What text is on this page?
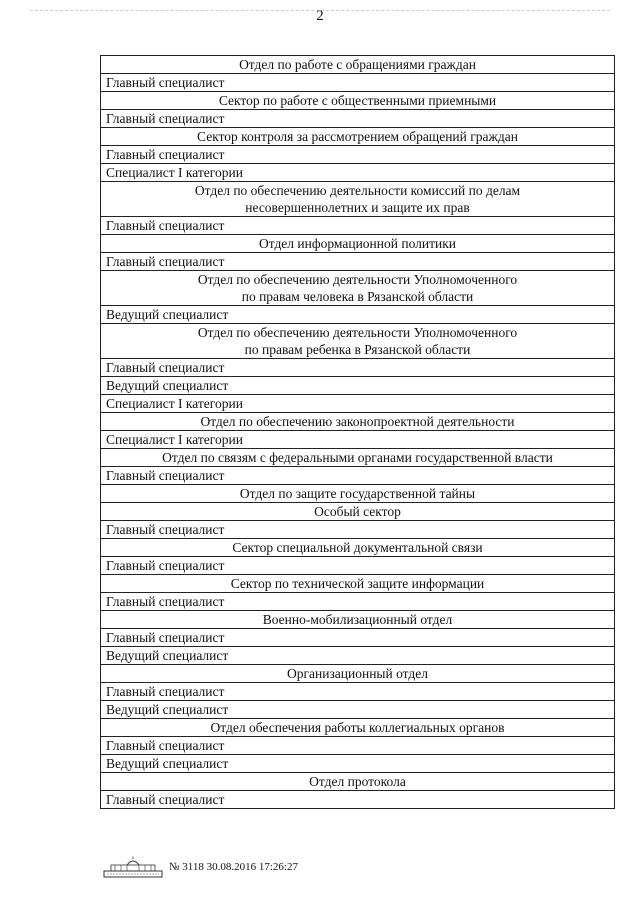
2
Отдел по работе с обращениями граждан
Главный специалист
Сектор по работе с общественными приемными
Главный специалист
Сектор контроля за рассмотрением обращений граждан
Главный специалист
Специалист I категории
Отдел по обеспечению деятельности комиссий по делам
несовершеннолетних и защите их прав
Главный специалист
Отдел информационной политики
Главный специалист
Отдел по обеспечению деятельности Уполномоченного
по правам человека в Рязанской области
Ведущий специалист
Отдел по обеспечению деятельности Уполномоченного
по правам ребенка в Рязанской области
Главный специалист
Ведущий специалист
Специалист I категории
Отдел по обеспечению законопроектной деятельности
Специалист I категории
Отдел по связям с федеральными органами государственной власти
Главный специалист
Отдел по защите государственной тайны
Особый сектор
Главный специалист
Сектор специальной документальной связи
Главный специалист
Сектор по технической защите информации
Главный специалист
Военно-мобилизационный отдел
Главный специалист
Ведущий специалист
Организационный отдел
Главный специалист
Ведущий специалист
Отдел обеспечения работы коллегиальных органов
Главный специалист
Ведущий специалист
Отдел протокола
Главный специалист
№ 3118 30.08.2016 17:26:27
